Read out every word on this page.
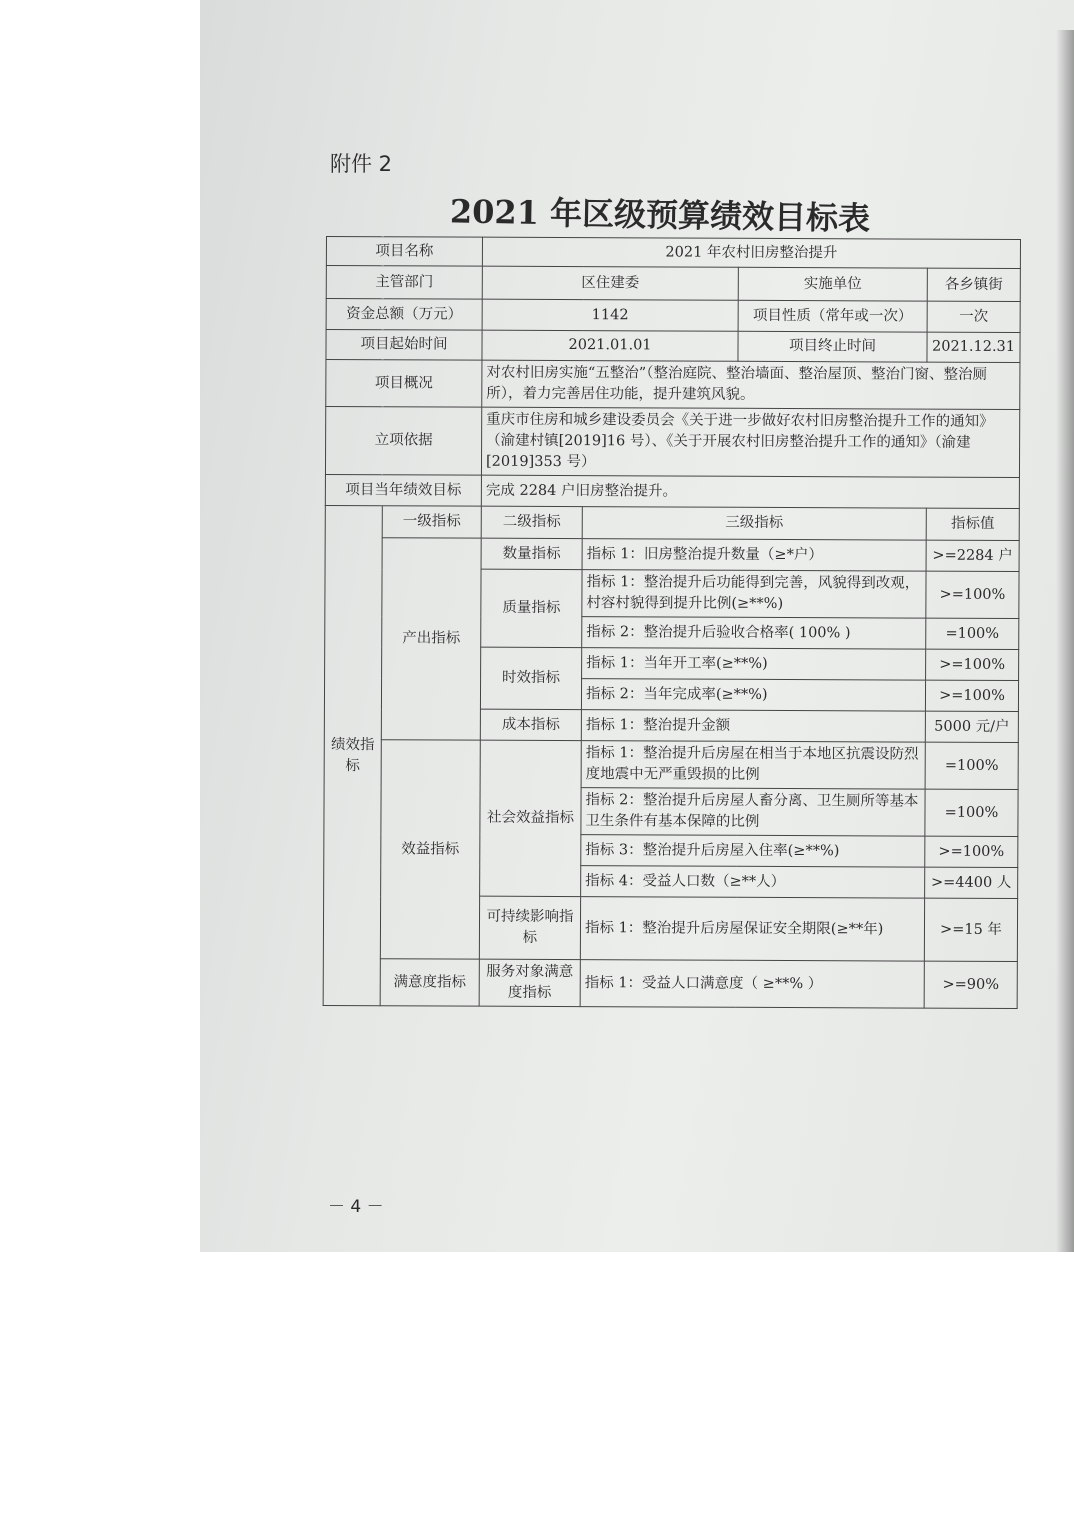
附件 2
2021 年区级预算绩效目标表
项目名称		2021 年农村旧房整治提升			
主管部门		区住建委		实施单位	各乡镇街
资金总额（万元）		1142		项目性质（常年或一次）	一次
项目起始时间		2021.01.01		项目终止时间	2021.12.31
项目概况		对农村旧房实施“五整治”（整治庭院、整治墙面、整治屋顶、整治门窗、整治厕所），着力完善居住功能，提升建筑风貌。			
立项依据		重庆市住房和城乡建设委员会《关于进一步做好农村旧房整治提升工作的通知》（渝建村镇[2019]16 号）、《关于开展农村旧房整治提升工作的通知》（渝建[2019]353 号）			
项目当年绩效目标		完成 2284 户旧房整治提升。			
绩效指标	一级指标	二级指标	三级指标		指标值
	产出指标	数量指标	指标 1：旧房整治提升数量（≥*户）		>=2284 户
		质量指标	指标 1：整治提升后功能得到完善，风貌得到改观，村容村貌得到提升比例(≥**%)		>=100%
			指标 2：整治提升后验收合格率( 100% )		=100%
		时效指标	指标 1：当年开工率(≥**%)		>=100%
			指标 2：当年完成率(≥**%)		>=100%
		成本指标	指标 1：整治提升金额		5000 元/户
	效益指标	社会效益指标	指标 1：整治提升后房屋在相当于本地区抗震设防烈度地震中无严重毁损的比例		=100%
			指标 2：整治提升后房屋人畜分离、卫生厕所等基本卫生条件有基本保障的比例		=100%
			指标 3：整治提升后房屋入住率(≥**%)		>=100%
			指标 4：受益人口数（≥**人）		>=4400 人
		可持续影响指标	指标 1：整治提升后房屋保证安全期限(≥**年)		>=15 年
	满意度指标	服务对象满意度指标	指标 1：受益人口满意度（ ≥**% ）		>=90%
－ 4 －
